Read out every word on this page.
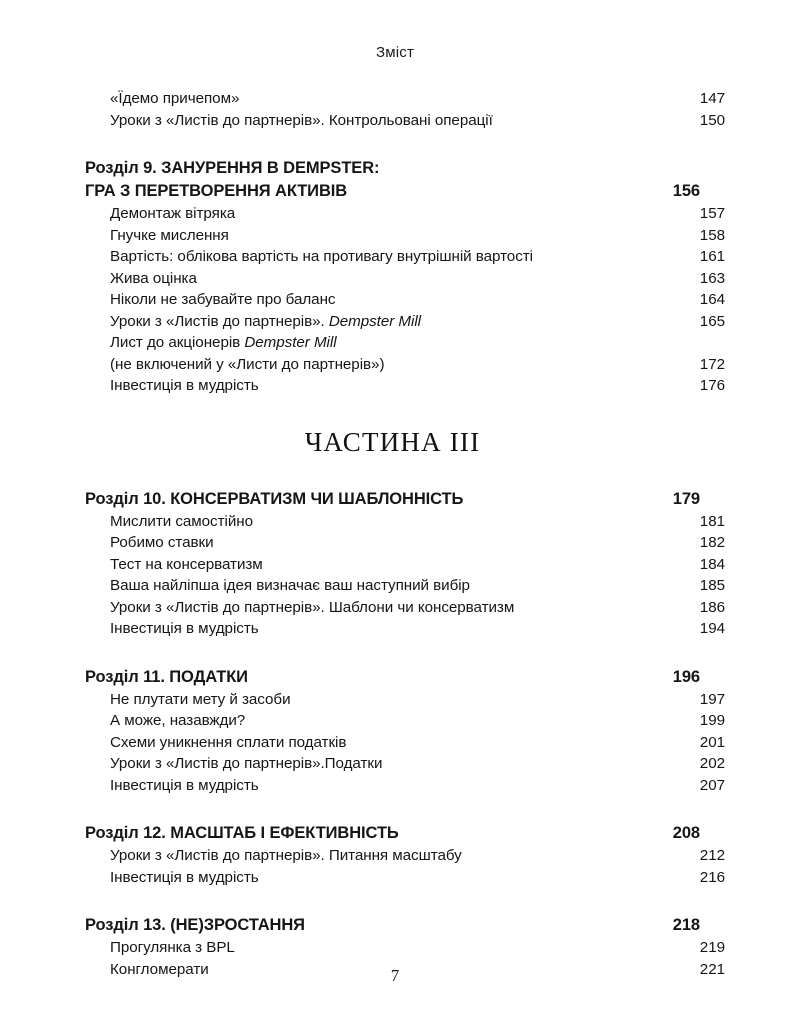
Зміст
«Їдемо причепом»	147
Уроки з «Листів до партнерів». Контрольовані операції	150
Розділ 9. ЗАНУРЕННЯ В DEMPSTER:
ГРА З ПЕРЕТВОРЕННЯ АКТИВІВ	156
Демонтаж вітряка	157
Гнучке мислення	158
Вартість: облікова вартість на противагу внутрішній вартості	161
Жива оцінка	163
Ніколи не забувайте про баланс	164
Уроки з «Листів до партнерів». Dempster Mill	165
Лист до акціонерів Dempster Mill
(не включений у «Листи до партнерів»)	172
Інвестиція в мудрість	176
ЧАСТИНА III
Розділ 10. КОНСЕРВАТИЗМ ЧИ ШАБЛОННІСТЬ	179
Мислити самостійно	181
Робимо ставки	182
Тест на консерватизм	184
Ваша найліпша ідея визначає ваш наступний вибір	185
Уроки з «Листів до партнерів». Шаблони чи консерватизм	186
Інвестиція в мудрість	194
Розділ 11. ПОДАТКИ	196
Не плутати мету й засоби	197
А може, назавжди?	199
Схеми уникнення сплати податків	201
Уроки з «Листів до партнерів».Податки	202
Інвестиція в мудрість	207
Розділ 12. МАСШТАБ І ЕФЕКТИВНІСТЬ	208
Уроки з «Листів до партнерів». Питання масштабу	212
Інвестиція в мудрість	216
Розділ 13. (НЕ)ЗРОСТАННЯ	218
Прогулянка з BPL	219
Конгломерати	221
7
